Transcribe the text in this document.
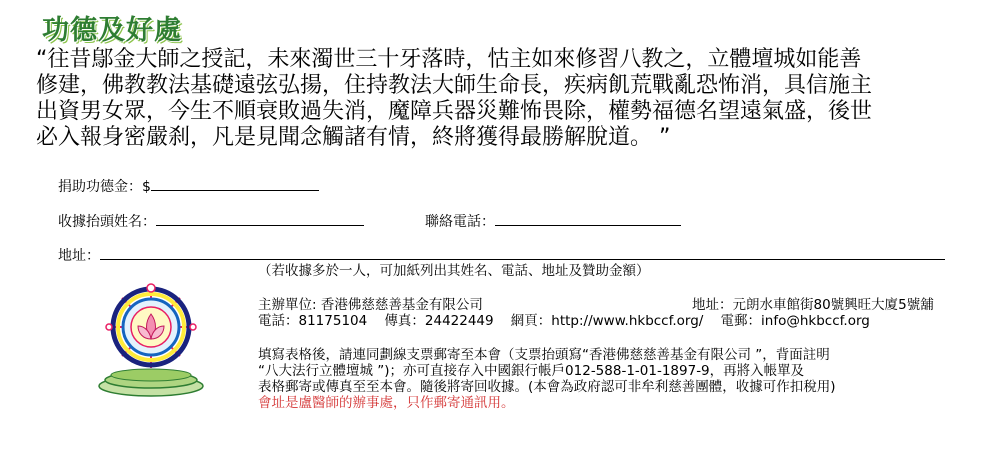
功德及好處
“往昔鄔金大師之授記，未來濁世三十牙落時，怙主如來修習八教之，立體壇城如能善
修建，佛教教法基礎遠弦弘揚，住持教法大師生命長，疾病飢荒戰亂恐怖消，具信施主
出資男女眾，今生不順衰敗過失消，魔障兵器災難怖畏除，權勢福德名望遠氣盛，後世
必入報身密嚴刹，凡是見聞念觸諸有情，終將獲得最勝解脫道。 ”
捐助功德金：$
收據抬頭姓名：	聯絡電話：
地址：
（若收據多於一人，可加紙列出其姓名、電話、地址及贊助金額）
主辦單位: 香港佛慈慈善基金有限公司	地址：元朗水車館街80號興旺大廈5號舖
電話：81175104 傳真：24422449 網頁：http://www.hkbccf.org/ 電郵：info@hkbccf.org
填寫表格後，請連同劃線支票郵寄至本會（支票抬頭寫“香港佛慈慈善基金有限公司 ”，背面註明
“八大法行立體壇城 ”)；亦可直接存入中國銀行帳戶012-588-1-01-1897-9，再將入帳單及
表格郵寄或傳真至至本會。隨後將寄回收據。(本會為政府認可非牟利慈善團體，收據可作扣稅用)
會址是盧醫師的辦事處，只作郵寄通訊用。
